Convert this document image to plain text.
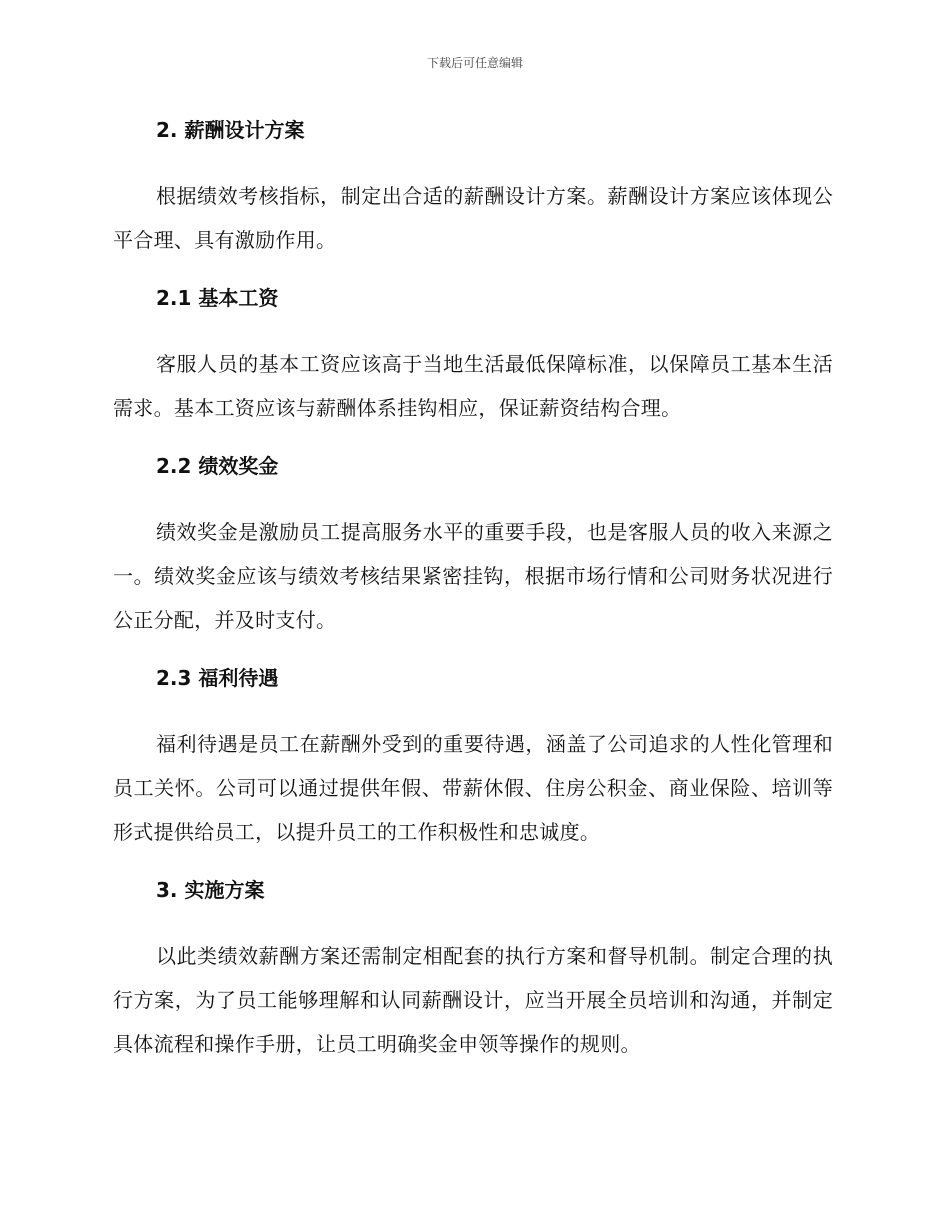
下载后可任意编辑
2. 薪酬设计方案

根据绩效考核指标，制定出合适的薪酬设计方案。薪酬设计方案应该体现公平合理、具有激励作用。

2.1 基本工资

客服人员的基本工资应该高于当地生活最低保障标准，以保障员工基本生活需求。基本工资应该与薪酬体系挂钩相应，保证薪资结构合理。

2.2 绩效奖金

绩效奖金是激励员工提高服务水平的重要手段，也是客服人员的收入来源之一。绩效奖金应该与绩效考核结果紧密挂钩，根据市场行情和公司财务状况进行公正分配，并及时支付。

2.3 福利待遇

福利待遇是员工在薪酬外受到的重要待遇，涵盖了公司追求的人性化管理和员工关怀。公司可以通过提供年假、带薪休假、住房公积金、商业保险、培训等形式提供给员工，以提升员工的工作积极性和忠诚度。

3. 实施方案

以此类绩效薪酬方案还需制定相配套的执行方案和督导机制。制定合理的执行方案，为了员工能够理解和认同薪酬设计，应当开展全员培训和沟通，并制定具体流程和操作手册，让员工明确奖金申领等操作的规则。
